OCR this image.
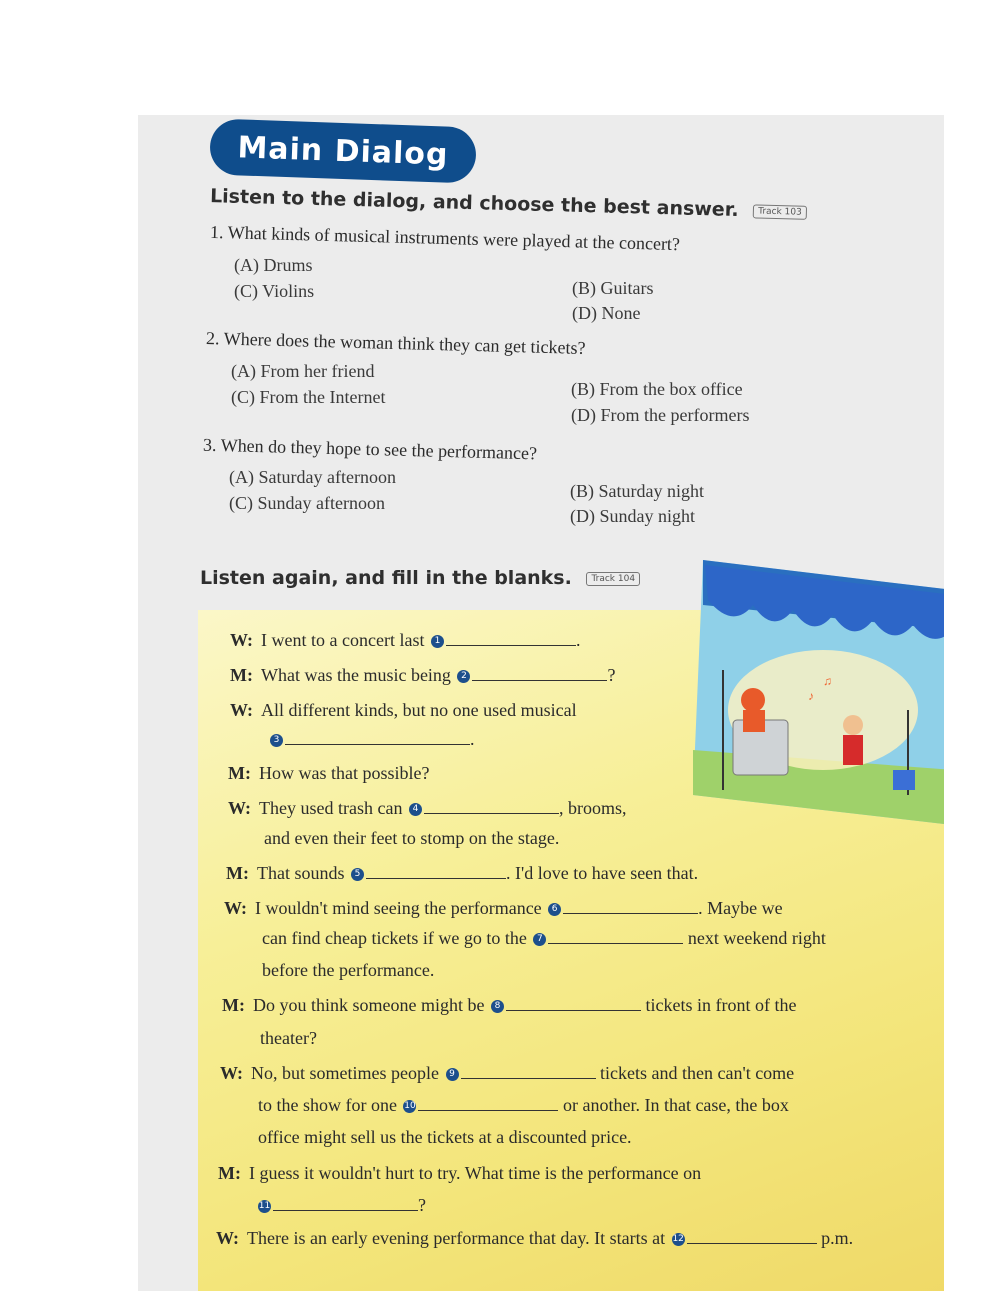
Main Dialog
Listen to the dialog, and choose the best answer. Track 103
1. What kinds of musical instruments were played at the concert?
(A) Drums
(B) Guitars
(C) Violins
(D) None
2. Where does the woman think they can get tickets?
(A) From her friend
(B) From the box office
(C) From the Internet
(D) From the performers
3. When do they hope to see the performance?
(A) Saturday afternoon
(B) Saturday night
(C) Sunday afternoon
(D) Sunday night
Listen again, and fill in the blanks. Track 104
♪
♫
W: I went to a concert last 1	.
M: What was the music being 2	?
W: All different kinds, but no one used musical
3	.
M: How was that possible?
W: They used trash can 4	, brooms,
and even their feet to stomp on the stage.
M: That sounds 5	. I'd love to have seen that.
W: I wouldn't mind seeing the performance 6	. Maybe we
can find cheap tickets if we go to the 7	next weekend right
before the performance.
M: Do you think someone might be 8	tickets in front of the
theater?
W: No, but sometimes people 9	tickets and then can't come
to the show for one 10	or another. In that case, the box
office might sell us the tickets at a discounted price.
M: I guess it wouldn't hurt to try. What time is the performance on
11	?
W: There is an early evening performance that day. It starts at 12	p.m.
